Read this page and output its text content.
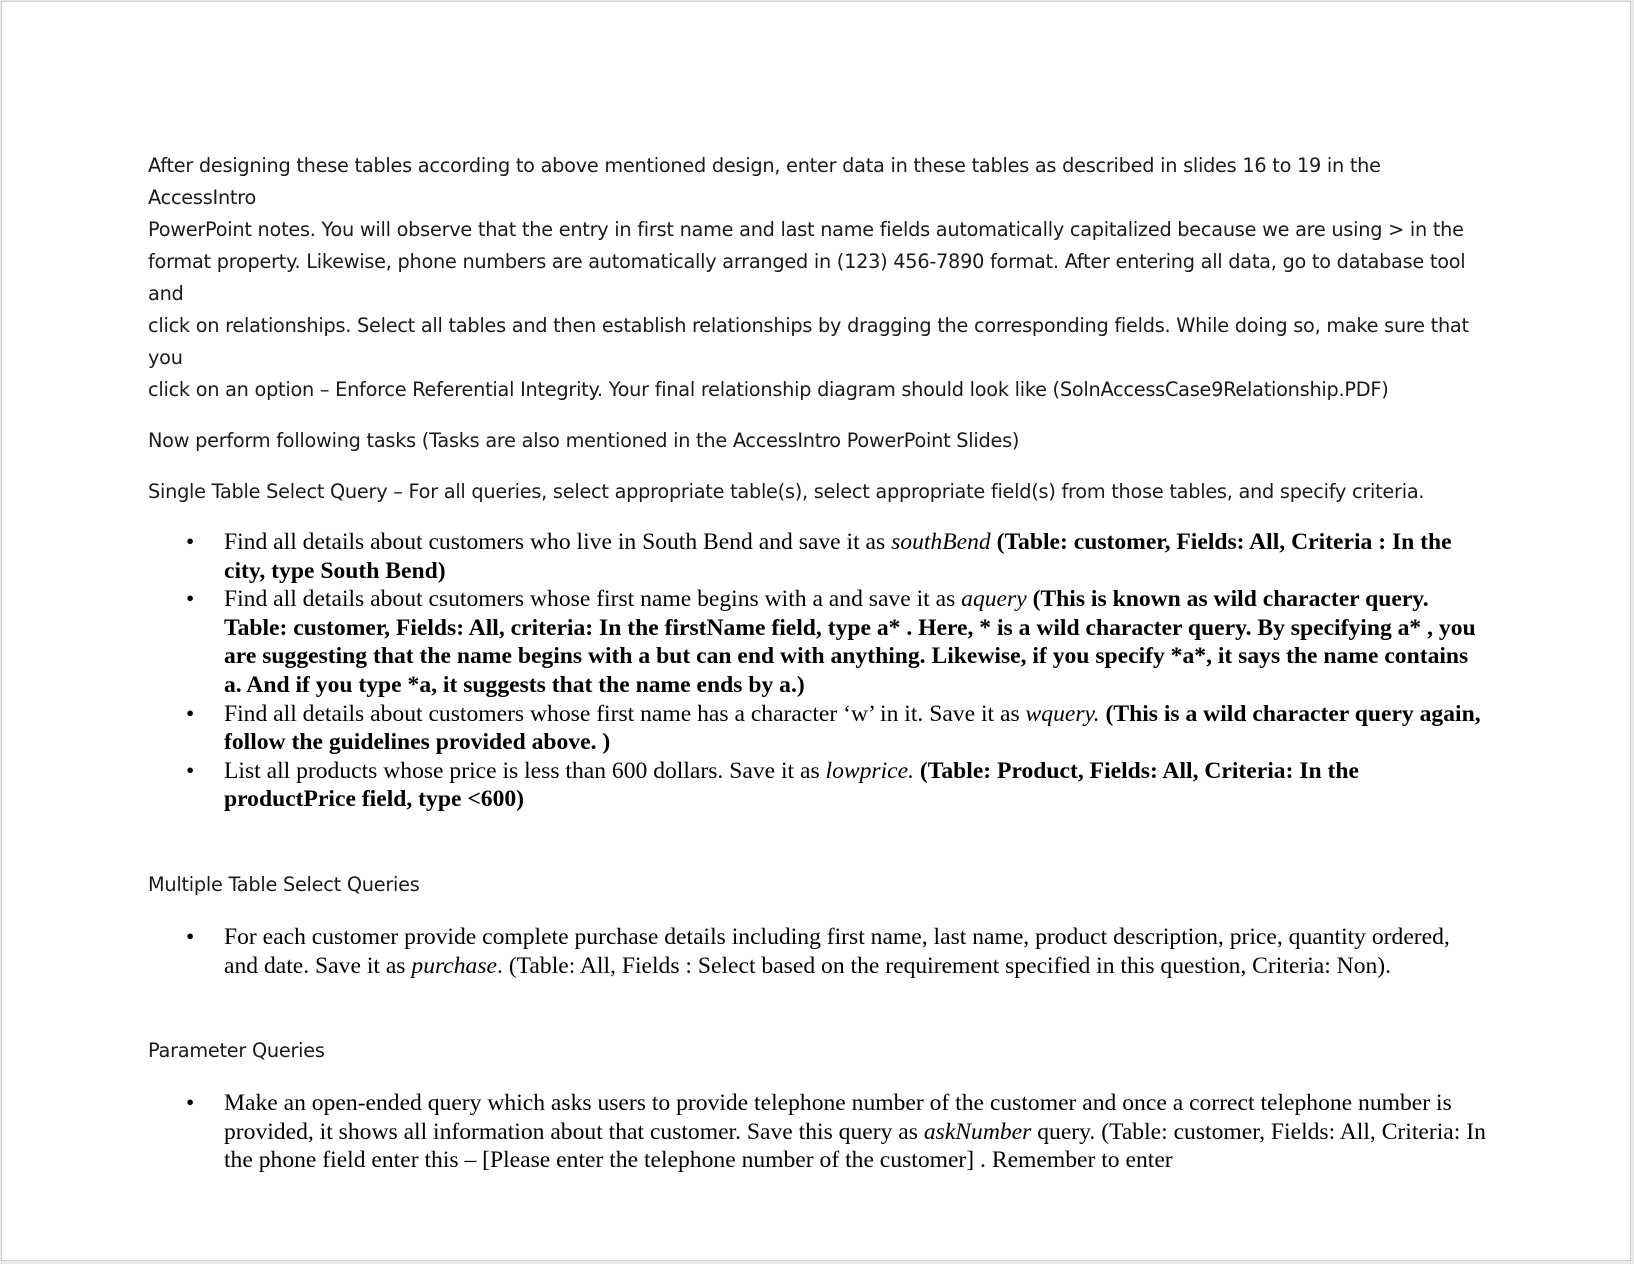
After designing these tables according to above mentioned design, enter data in these tables as described in slides 16 to 19 in the AccessIntro
PowerPoint notes. You will observe that the entry in first name and last name fields automatically capitalized because we are using > in the
format property. Likewise, phone numbers are automatically arranged in (123) 456-7890 format. After entering all data, go to database tool and
click on relationships. Select all tables and then establish relationships by dragging the corresponding fields. While doing so, make sure that you
click on an option – Enforce Referential Integrity. Your final relationship diagram should look like (SolnAccessCase9Relationship.PDF)

Now perform following tasks (Tasks are also mentioned in the AccessIntro PowerPoint Slides)

Single Table Select Query – For all queries, select appropriate table(s), select appropriate field(s) from those tables, and specify criteria.

• Find all details about customers who live in South Bend and save it as southBend (Table: customer, Fields: All, Criteria : In the city, type South Bend)
• Find all details about csutomers whose first name begins with a and save it as aquery (This is known as wild character query. Table: customer, Fields: All, criteria: In the firstName field, type a* . Here, * is a wild character query. By specifying a* , you are suggesting that the name begins with a but can end with anything. Likewise, if you specify *a*, it says the name contains a. And if you type *a, it suggests that the name ends by a.)
• Find all details about customers whose first name has a character ‘w’ in it. Save it as wquery. (This is a wild character query again, follow the guidelines provided above. )
• List all products whose price is less than 600 dollars. Save it as lowprice. (Table: Product, Fields: All, Criteria: In the productPrice field, type <600)

Multiple Table Select Queries

• For each customer provide complete purchase details including first name, last name, product description, price, quantity ordered, and date. Save it as purchase. (Table: All, Fields : Select based on the requirement specified in this question, Criteria: Non).

Parameter Queries

• Make an open-ended query which asks users to provide telephone number of the customer and once a correct telephone number is provided, it shows all information about that customer. Save this query as askNumber query. (Table: customer, Fields: All, Criteria: In the phone field enter this – [Please enter the telephone number of the customer] . Remember to enter
